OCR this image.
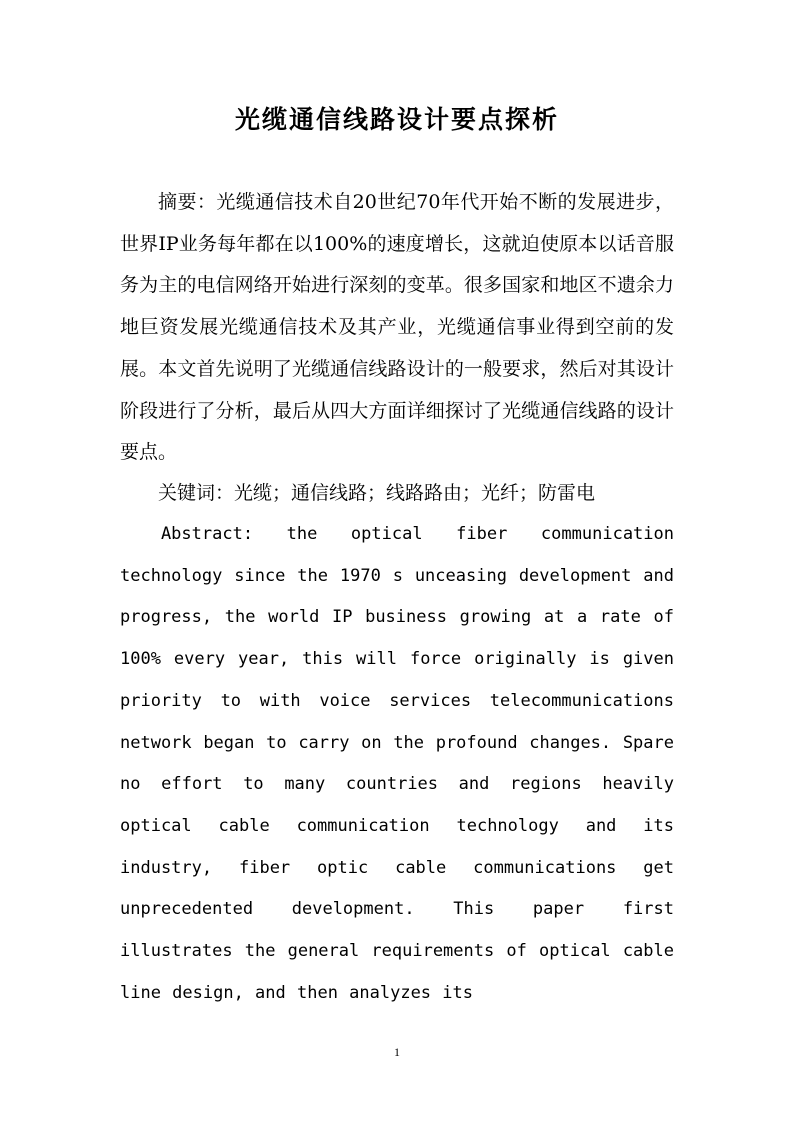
光缆通信线路设计要点探析

摘要：光缆通信技术自20世纪70年代开始不断的发展进步，世界IP业务每年都在以100%的速度增长，这就迫使原本以话音服务为主的电信网络开始进行深刻的变革。很多国家和地区不遗余力地巨资发展光缆通信技术及其产业，光缆通信事业得到空前的发展。本文首先说明了光缆通信线路设计的一般要求，然后对其设计阶段进行了分析，最后从四大方面详细探讨了光缆通信线路的设计要点。

关键词：光缆；通信线路；线路路由；光纤；防雷电

Abstract: the optical fiber communication technology since the 1970 s unceasing development and progress, the world IP business growing at a rate of 100% every year, this will force originally is given priority to with voice services telecommunications network began to carry on the profound changes. Spare no effort to many countries and regions heavily optical cable communication technology and its industry, fiber optic cable communications get unprecedented development. This paper first illustrates the general requirements of optical cable line design, and then analyzes its

1
